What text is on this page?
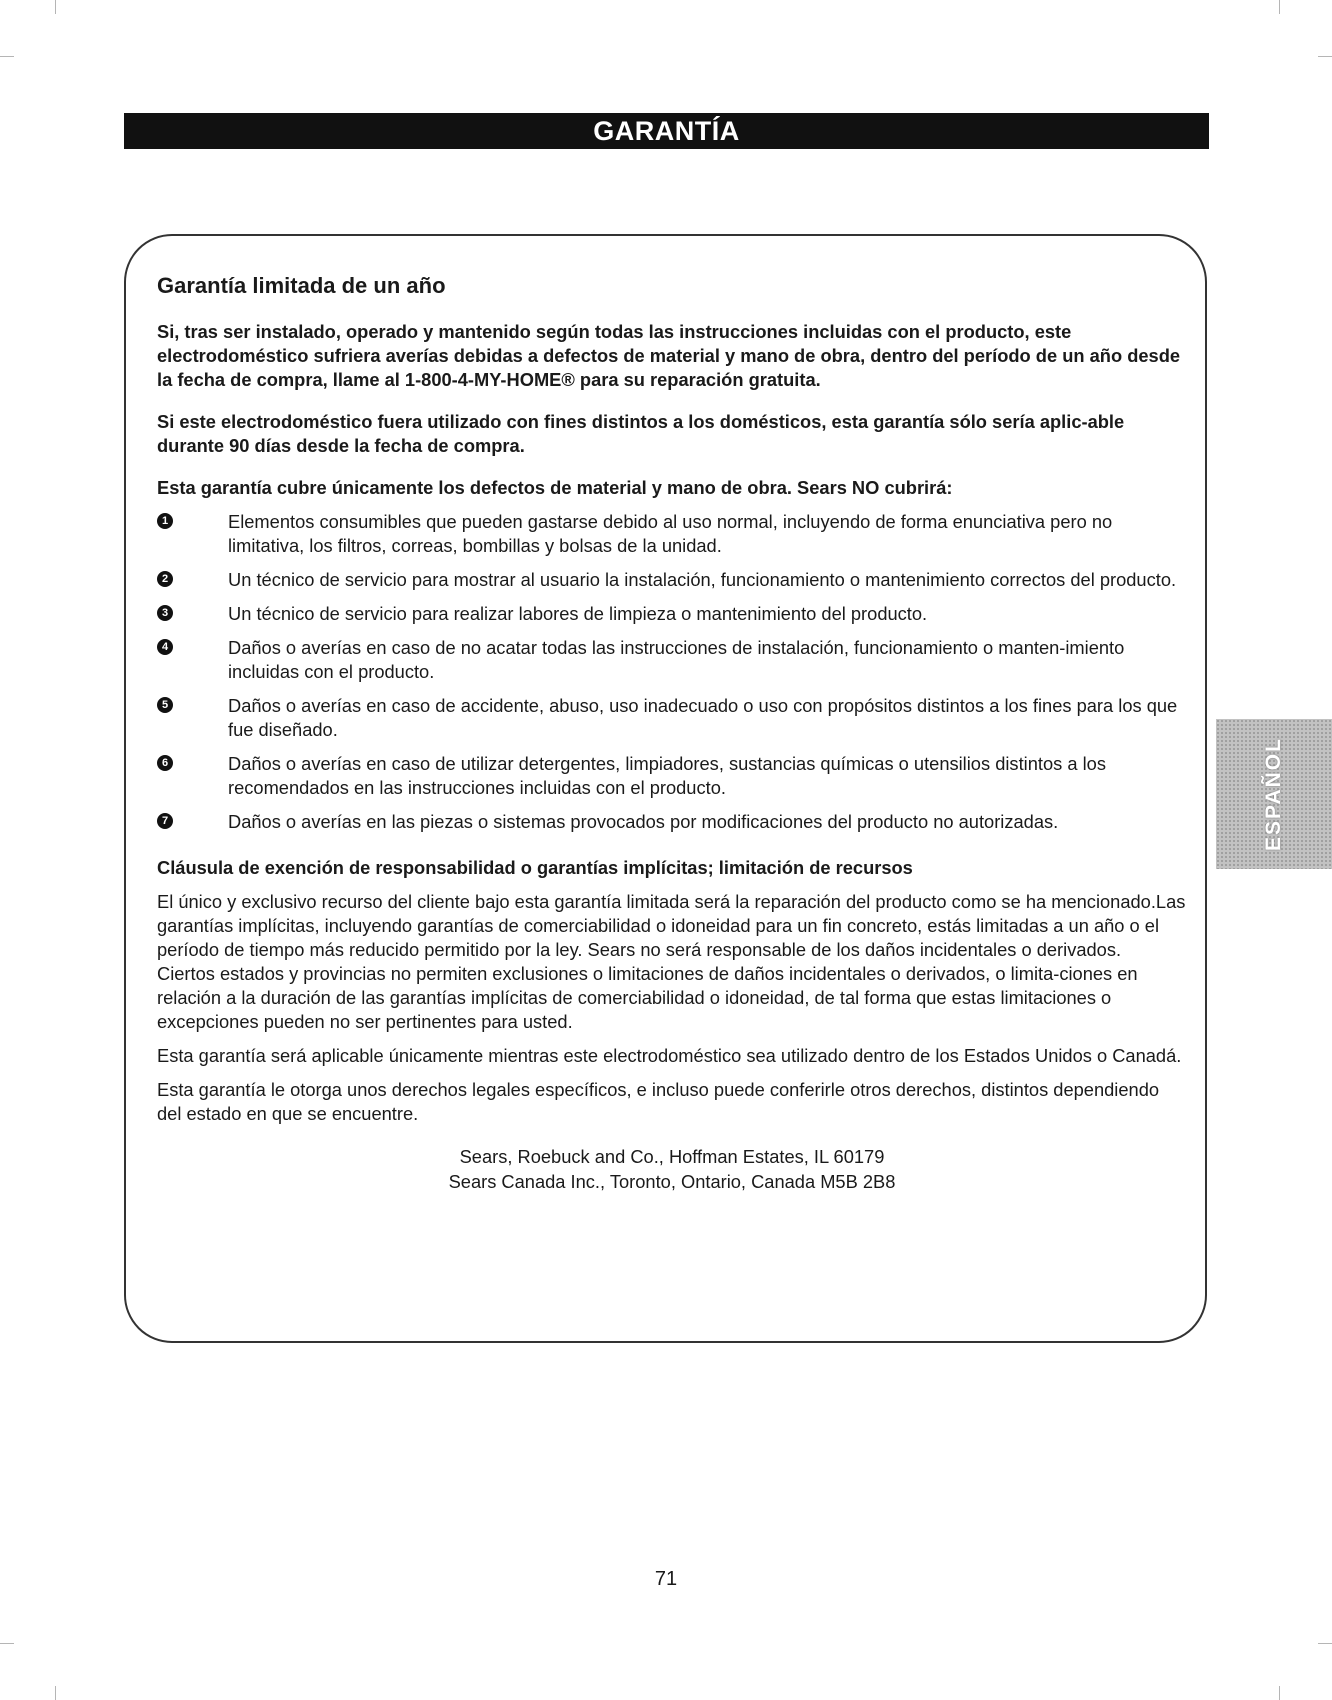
GARANTÍA
Garantía limitada de un año

Si, tras ser instalado, operado y mantenido según todas las instrucciones incluidas con el producto, este electrodoméstico sufriera averías debidas a defectos de material y mano de obra, dentro del período de un año desde la fecha de compra, llame al 1-800-4-MY-HOME® para su reparación gratuita.

Si este electrodoméstico fuera utilizado con fines distintos a los domésticos, esta garantía sólo sería aplic-able durante 90 días desde la fecha de compra.

Esta garantía cubre únicamente los defectos de material y mano de obra. Sears NO cubrirá:

1	Elementos consumibles que pueden gastarse debido al uso normal, incluyendo de forma enunciativa pero no limitativa, los filtros, correas, bombillas y bolsas de la unidad.
2	Un técnico de servicio para mostrar al usuario la instalación, funcionamiento o mantenimiento correctos del producto.
3	Un técnico de servicio para realizar labores de limpieza o mantenimiento del producto.
4	Daños o averías en caso de no acatar todas las instrucciones de instalación, funcionamiento o manten-imiento incluidas con el producto.
5	Daños o averías en caso de accidente, abuso, uso inadecuado o uso con propósitos distintos a los fines para los que fue diseñado.
6	Daños o averías en caso de utilizar detergentes, limpiadores, sustancias químicas o utensilios distintos a los recomendados en las instrucciones incluidas con el producto.
7	Daños o averías en las piezas o sistemas provocados por modificaciones del producto no autorizadas.
Cláusula de exención de responsabilidad o garantías implícitas; limitación de recursos

El único y exclusivo recurso del cliente bajo esta garantía limitada será la reparación del producto como se ha mencionado.Las garantías implícitas, incluyendo garantías de comerciabilidad o idoneidad para un fin concreto, estás limitadas a un año o el período de tiempo más reducido permitido por la ley. Sears no será responsable de los daños incidentales o derivados.

Ciertos estados y provincias no permiten exclusiones o limitaciones de daños incidentales o derivados, o limita-ciones en relación a la duración de las garantías implícitas de comerciabilidad o idoneidad, de tal forma que estas limitaciones o excepciones pueden no ser pertinentes para usted.

Esta garantía será aplicable únicamente mientras este electrodoméstico sea utilizado dentro de los Estados Unidos o Canadá.

Esta garantía le otorga unos derechos legales específicos, e incluso puede conferirle otros derechos, distintos dependiendo del estado en que se encuentre.

Sears, Roebuck and Co., Hoffman Estates, IL 60179
Sears Canada Inc., Toronto, Ontario, Canada M5B 2B8
ESPAÑOL
71
